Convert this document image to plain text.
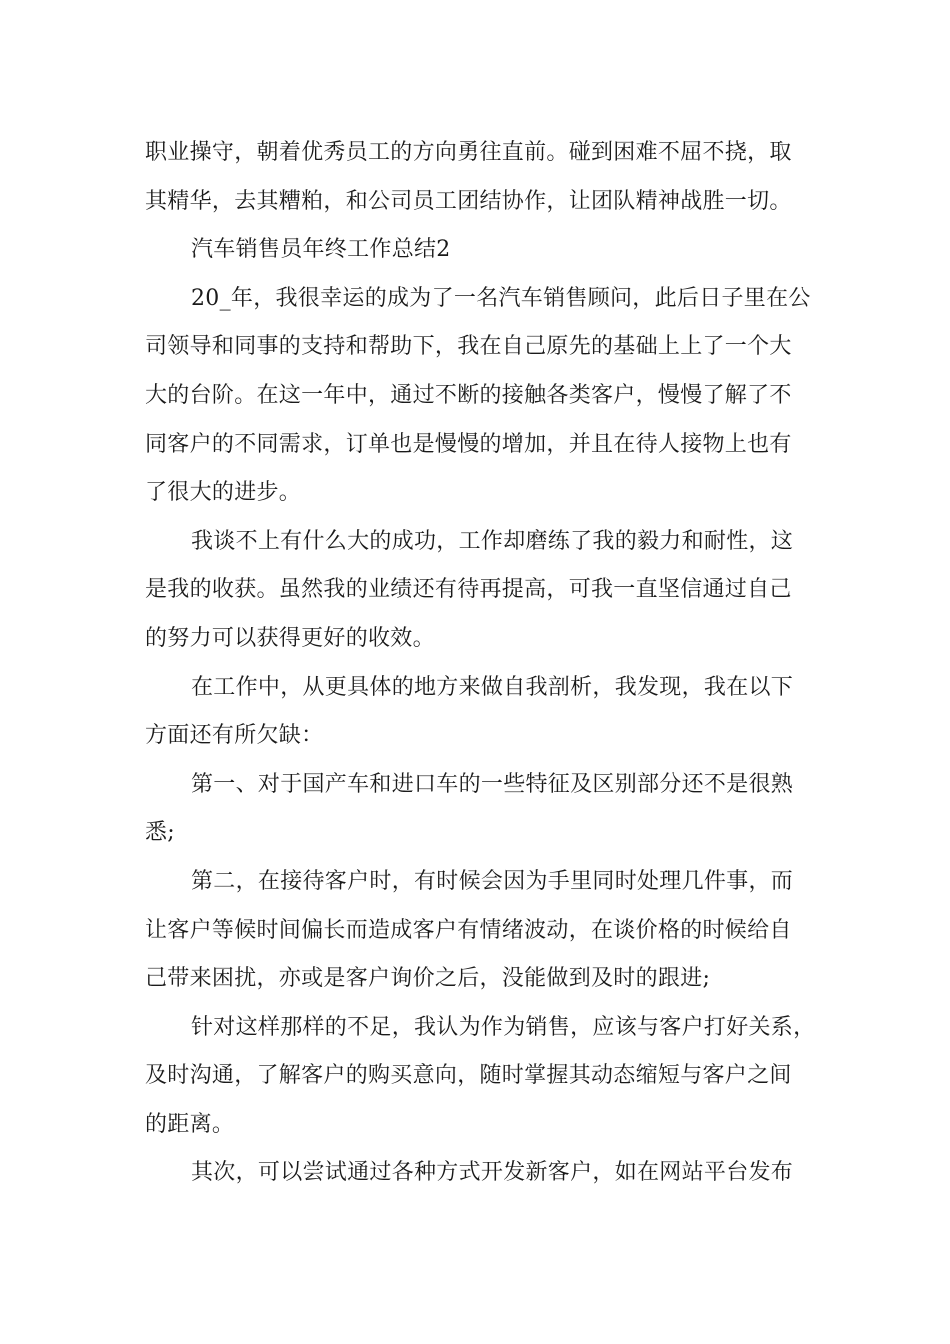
职业操守，朝着优秀员工的方向勇往直前。碰到困难不屈不挠，取
其精华，去其糟粕，和公司员工团结协作，让团队精神战胜一切。
汽车销售员年终工作总结2
20_年，我很幸运的成为了一名汽车销售顾问，此后日子里在公
司领导和同事的支持和帮助下，我在自己原先的基础上上了一个大
大的台阶。在这一年中，通过不断的接触各类客户，慢慢了解了不
同客户的不同需求，订单也是慢慢的增加，并且在待人接物上也有
了很大的进步。
我谈不上有什么大的成功，工作却磨练了我的毅力和耐性，这
是我的收获。虽然我的业绩还有待再提高，可我一直坚信通过自己
的努力可以获得更好的收效。
在工作中，从更具体的地方来做自我剖析，我发现，我在以下
方面还有所欠缺：
第一、对于国产车和进口车的一些特征及区别部分还不是很熟
悉;
第二，在接待客户时，有时候会因为手里同时处理几件事，而
让客户等候时间偏长而造成客户有情绪波动，在谈价格的时候给自
己带来困扰，亦或是客户询价之后，没能做到及时的跟进;
针对这样那样的不足，我认为作为销售，应该与客户打好关系，
及时沟通，了解客户的购买意向，随时掌握其动态缩短与客户之间
的距离。
其次，可以尝试通过各种方式开发新客户，如在网站平台发布
